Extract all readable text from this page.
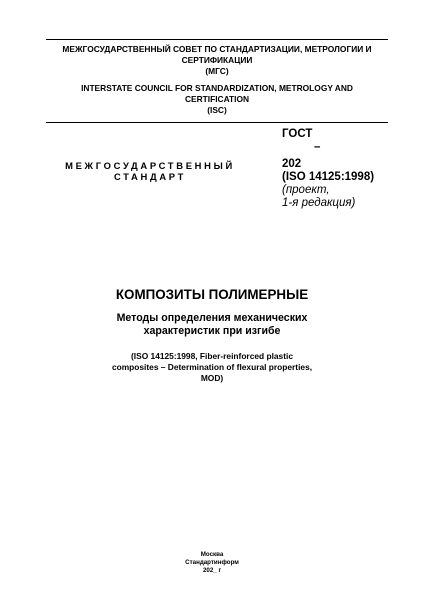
МЕЖГОСУДАРСТВЕННЫЙ СОВЕТ ПО СТАНДАРТИЗАЦИИ, МЕТРОЛОГИИ И
СЕРТИФИКАЦИИ
(МГС)
INTERSTATE COUNCIL FOR STANDARDIZATION, METROLOGY AND
CERTIFICATION
(ISC)
МЕЖГОСУДАРСТВЕННЫЙ
СТАНДАРТ
ГОСТ
–
202
(ISO 14125:1998)
(проект,
1-я редакция)
КОМПОЗИТЫ ПОЛИМЕРНЫЕ
Методы определения механических
характеристик при изгибе
(ISO 14125:1998, Fiber-reinforced plastic
composites – Determination of flexural properties,
MOD)
Москва
Стандартинформ
202_ г
